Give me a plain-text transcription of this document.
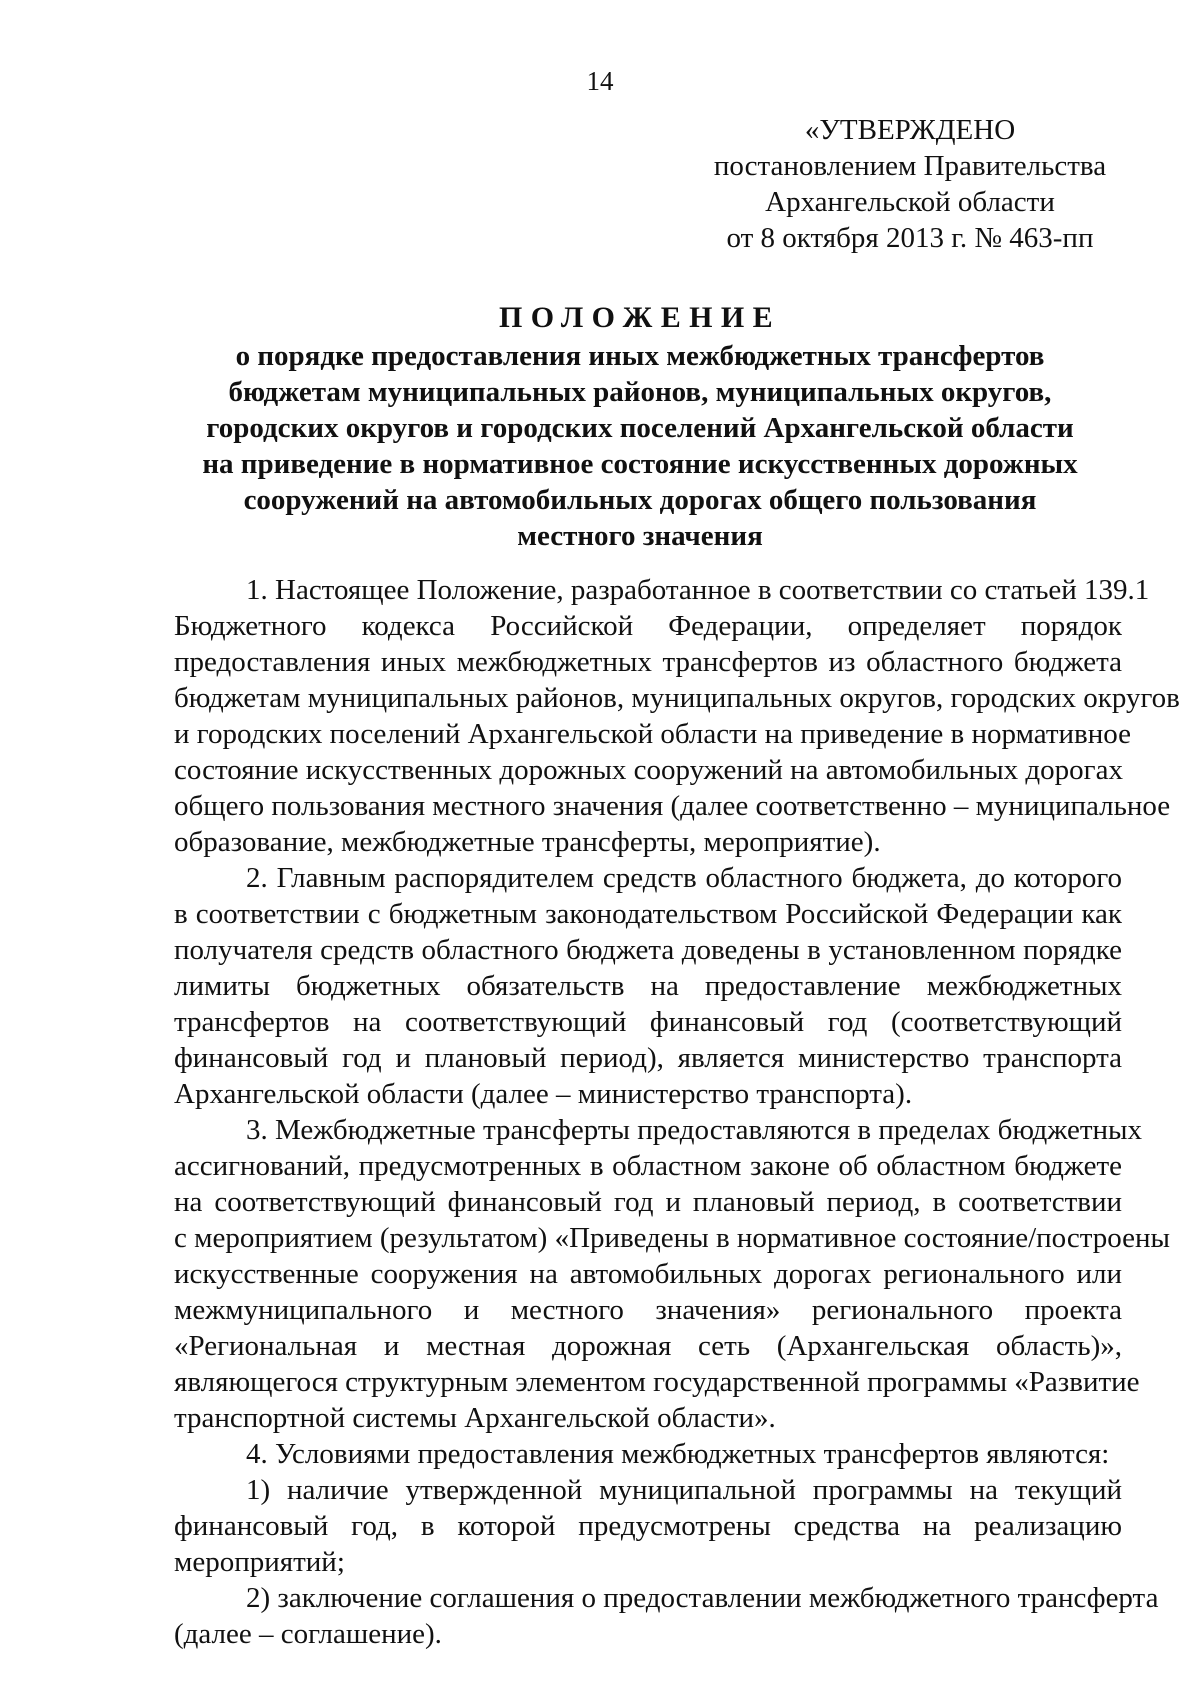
14
«УТВЕРЖДЕНО
постановлением Правительства
Архангельской области
от 8 октября 2013 г. № 463-пп
ПОЛОЖЕНИЕ
о порядке предоставления иных межбюджетных трансфертов
бюджетам муниципальных районов, муниципальных округов,
городских округов и городских поселений Архангельской области
на приведение в нормативное состояние искусственных дорожных
сооружений на автомобильных дорогах общего пользования
местного значения

1. Настоящее Положение, разработанное в соответствии со статьей 139.1
Бюджетного кодекса Российской Федерации, определяет порядок
предоставления иных межбюджетных трансфертов из областного бюджета
бюджетам муниципальных районов, муниципальных округов, городских округов
и городских поселений Архангельской области на приведение в нормативное
состояние искусственных дорожных сооружений на автомобильных дорогах
общего пользования местного значения (далее соответственно – муниципальное
образование, межбюджетные трансферты, мероприятие).

2. Главным распорядителем средств областного бюджета, до которого
в соответствии с бюджетным законодательством Российской Федерации как
получателя средств областного бюджета доведены в установленном порядке
лимиты бюджетных обязательств на предоставление межбюджетных
трансфертов на соответствующий финансовый год (соответствующий
финансовый год и плановый период), является министерство транспорта
Архангельской области (далее – министерство транспорта).

3. Межбюджетные трансферты предоставляются в пределах бюджетных
ассигнований, предусмотренных в областном законе об областном бюджете
на соответствующий финансовый год и плановый период, в соответствии
с мероприятием (результатом) «Приведены в нормативное состояние/построены
искусственные сооружения на автомобильных дорогах регионального или
межмуниципального и местного значения» регионального проекта
«Региональная и местная дорожная сеть (Архангельская область)»,
являющегося структурным элементом государственной программы «Развитие
транспортной системы Архангельской области».

4. Условиями предоставления межбюджетных трансфертов являются:

1) наличие утвержденной муниципальной программы на текущий
финансовый год, в которой предусмотрены средства на реализацию
мероприятий;

2) заключение соглашения о предоставлении межбюджетного трансферта
(далее – соглашение).
